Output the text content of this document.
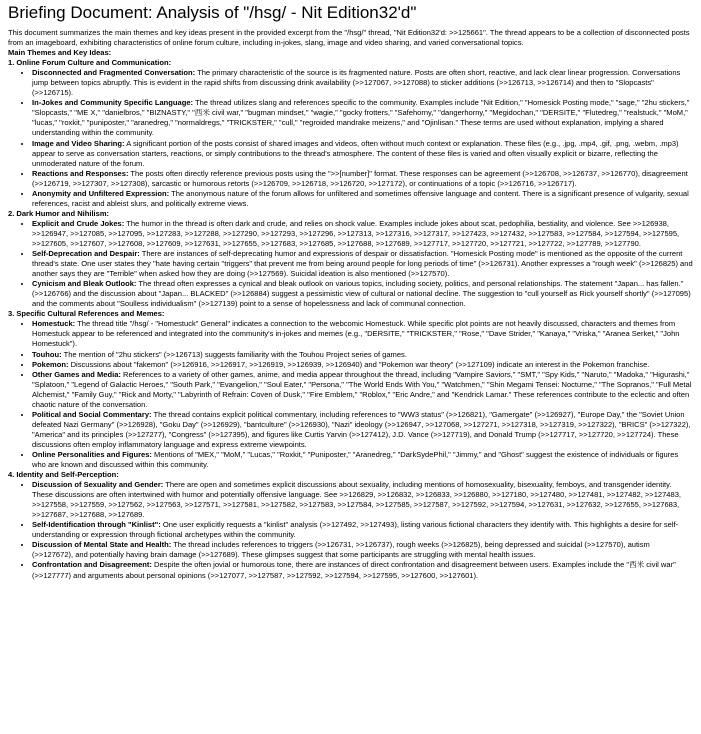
Briefing Document: Analysis of "/hsg/ - Nit Edition32'd"

This document summarizes the main themes and key ideas present in the provided excerpt from the "/hsg/" thread, "Nit Edition32'd: >>125661". The thread appears to be a collection of disconnected posts from an imageboard, exhibiting characteristics of online forum culture, including in-jokes, slang, image and video sharing, and varied conversational topics.

Main Themes and Key Ideas:
1. Online Forum Culture and Communication:
• Disconnected and Fragmented Conversation: The primary characteristic of the source is its fragmented nature. Posts are often short, reactive, and lack clear linear progression. Conversations jump between topics abruptly. This is evident in the rapid shifts from discussing drink availability (>>127067, >>127088) to sticker additions (>>126713, >>126714) and then to "Slopcasts" (>>126715).
• In-Jokes and Community Specific Language: The thread utilizes slang and references specific to the community. Examples include "Nit Edition," "Homesick Posting mode," "sage," "2hu stickers," "Slopcasts," "ME X," "danielbros," "BIZNASTY," "西米 civil war," "bugman mindset," "wagie," "gocky frotters," "Safehorny," "dangerhorny," "Megidochan," "DERSITE," "Flutedreg," "realstuck," "MoM," "lucas," "roxkit," "puniposter," "aranedreg," "normaldregs," "TRICKSTER," "cull," "regroided mandrake meizens," and "Ojinlisan." These terms are used without explanation, implying a shared understanding within the community.
• Image and Video Sharing: A significant portion of the posts consist of shared images and videos, often without much context or explanation. These files (e.g., .jpg, .mp4, .gif, .png, .webm, .mp3) appear to serve as conversation starters, reactions, or simply contributions to the thread's atmosphere. The content of these files is varied and often visually explicit or bizarre, reflecting the unmoderated nature of the forum.
• Reactions and Responses: The posts often directly reference previous posts using the ">>[number]" format. These responses can be agreement (>>126708, >>126737, >>126770), disagreement (>>126719, >>127307, >>127308), sarcastic or humorous retorts (>>126709, >>126718, >>126720, >>127172), or continuations of a topic (>>126716, >>126717).
• Anonymity and Unfiltered Expression: The anonymous nature of the forum allows for unfiltered and sometimes offensive language and content. There is a significant presence of vulgarity, sexual references, racist and ableist slurs, and politically extreme views.
2. Dark Humor and Nihilism:
• Explicit and Crude Jokes: The humor in the thread is often dark and crude, and relies on shock value. Examples include jokes about scat, pedophilia, bestiality, and violence. See >>126938, >>126947, >>127085, >>127095, >>127283, >>127288, >>127290, >>127293, >>127296, >>127313, >>127316, >>127317, >>127423, >>127432, >>127583, >>127584, >>127594, >>127595, >>127605, >>127607, >>127608, >>127609, >>127631, >>127655, >>127683, >>127685, >>127688, >>127689, >>127717, >>127720, >>127721, >>127722, >>127789, >>127790.
• Self-Deprecation and Despair: There are instances of self-deprecating humor and expressions of despair or dissatisfaction. "Homesick Posting mode" is mentioned as the opposite of the current thread's state. One user states they "hate having certain "triggers" that prevent me from being around people for long periods of time" (>>126731). Another expresses a "rough week" (>>126825) and another says they are "Terrible" when asked how they are doing (>>127569). Suicidal ideation is also mentioned (>>127570).
• Cynicism and Bleak Outlook: The thread often expresses a cynical and bleak outlook on various topics, including society, politics, and personal relationships. The statement "Japan... has fallen." (>>126766) and the discussion about "Japan... BLACKED" (>>126884) suggest a pessimistic view of cultural or national decline. The suggestion to "cull yourself as Rick yourself shortly" (>>127095) and the comments about "Soulless individualism" (>>127139) point to a sense of hopelessness and lack of communal connection.
3. Specific Cultural References and Memes:
• Homestuck: The thread title "/hsg/ - "Homestuck" General" indicates a connection to the webcomic Homestuck. While specific plot points are not heavily discussed, characters and themes from Homestuck appear to be referenced and integrated into the community's in-jokes and memes (e.g., "DERSITE," "TRICKSTER," "Rose," "Dave Strider," "Kanaya," "Vriska," "Aranea Serket," "John Homestuck").
• Touhou: The mention of "2hu stickers" (>>126713) suggests familiarity with the Touhou Project series of games.
• Pokemon: Discussions about "fakemon" (>>126916, >>126917, >>126919, >>126939, >>126940) and "Pokemon war theory" (>>127109) indicate an interest in the Pokemon franchise.
• Other Games and Media: References to a variety of other games, anime, and media appear throughout the thread, including "Vampire Saviors," "SMT," "Spy Kids," "Naruto," "Madoka," "Higurashi," "Splatoon," "Legend of Galactic Heroes," "South Park," "Evangelion," "Soul Eater," "Persona," "The World Ends With You," "Watchmen," "Shin Megami Tensei: Nocturne," "The Sopranos," "Full Metal Alchemist," "Family Guy," "Rick and Morty," "Labyrinth of Refrain: Coven of Dusk," "Fire Emblem," "Roblox," "Eric Andre," and "Kendrick Lamar." These references contribute to the eclectic and often chaotic nature of the conversation.
• Political and Social Commentary: The thread contains explicit political commentary, including references to "WW3 status" (>>126821), "Gamergate" (>>126927), "Europe Day," the "Soviet Union defeated Nazi Germany" (>>126928), "Goku Day" (>>126929), "bantculture" (>>126930), "Nazi" ideology (>>126947, >>127068, >>127271, >>127318, >>127319, >>127322), "BRICS" (>>127322), "America" and its principles (>>127277), "Congress" (>>127395), and figures like Curtis Yarvin (>>127412), J.D. Vance (>>127719), and Donald Trump (>>127717, >>127720, >>127724). These discussions often employ inflammatory language and express extreme viewpoints.
• Online Personalities and Figures: Mentions of "MEX," "MoM," "Lucas," "Roxkit," "Puniposter," "Aranedreg," "DarkSydePhil," "Jimmy," and "Ghost" suggest the existence of individuals or figures who are known and discussed within this community.
4. Identity and Self-Perception:
• Discussion of Sexuality and Gender: There are open and sometimes explicit discussions about sexuality, including mentions of homosexuality, bisexuality, femboys, and transgender identity. These discussions are often intertwined with humor and potentially offensive language. See >>126829, >>126832, >>126833, >>126880, >>127180, >>127480, >>127481, >>127482, >>127483, >>127558, >>127559, >>127562, >>127563, >>127571, >>127581, >>127582, >>127583, >>127584, >>127585, >>127587, >>127592, >>127594, >>127631, >>127632, >>127655, >>127683, >>127687, >>127688, >>127689.
• Self-Identification through "Kinlist": One user explicitly requests a "kinlist" analysis (>>127492, >>127493), listing various fictional characters they identify with. This highlights a desire for self-understanding or expression through fictional archetypes within the community.
• Discussion of Mental State and Health: The thread includes references to triggers (>>126731, >>126737), rough weeks (>>126825), being depressed and suicidal (>>127570), autism (>>127672), and potentially having brain damage (>>127689). These glimpses suggest that some participants are struggling with mental health issues.
• Confrontation and Disagreement: Despite the often jovial or humorous tone, there are instances of direct confrontation and disagreement between users. Examples include the "西米 civil war" (>>127777) and arguments about personal opinions (>>127077, >>127587, >>127592, >>127594, >>127595, >>127600, >>127601).
